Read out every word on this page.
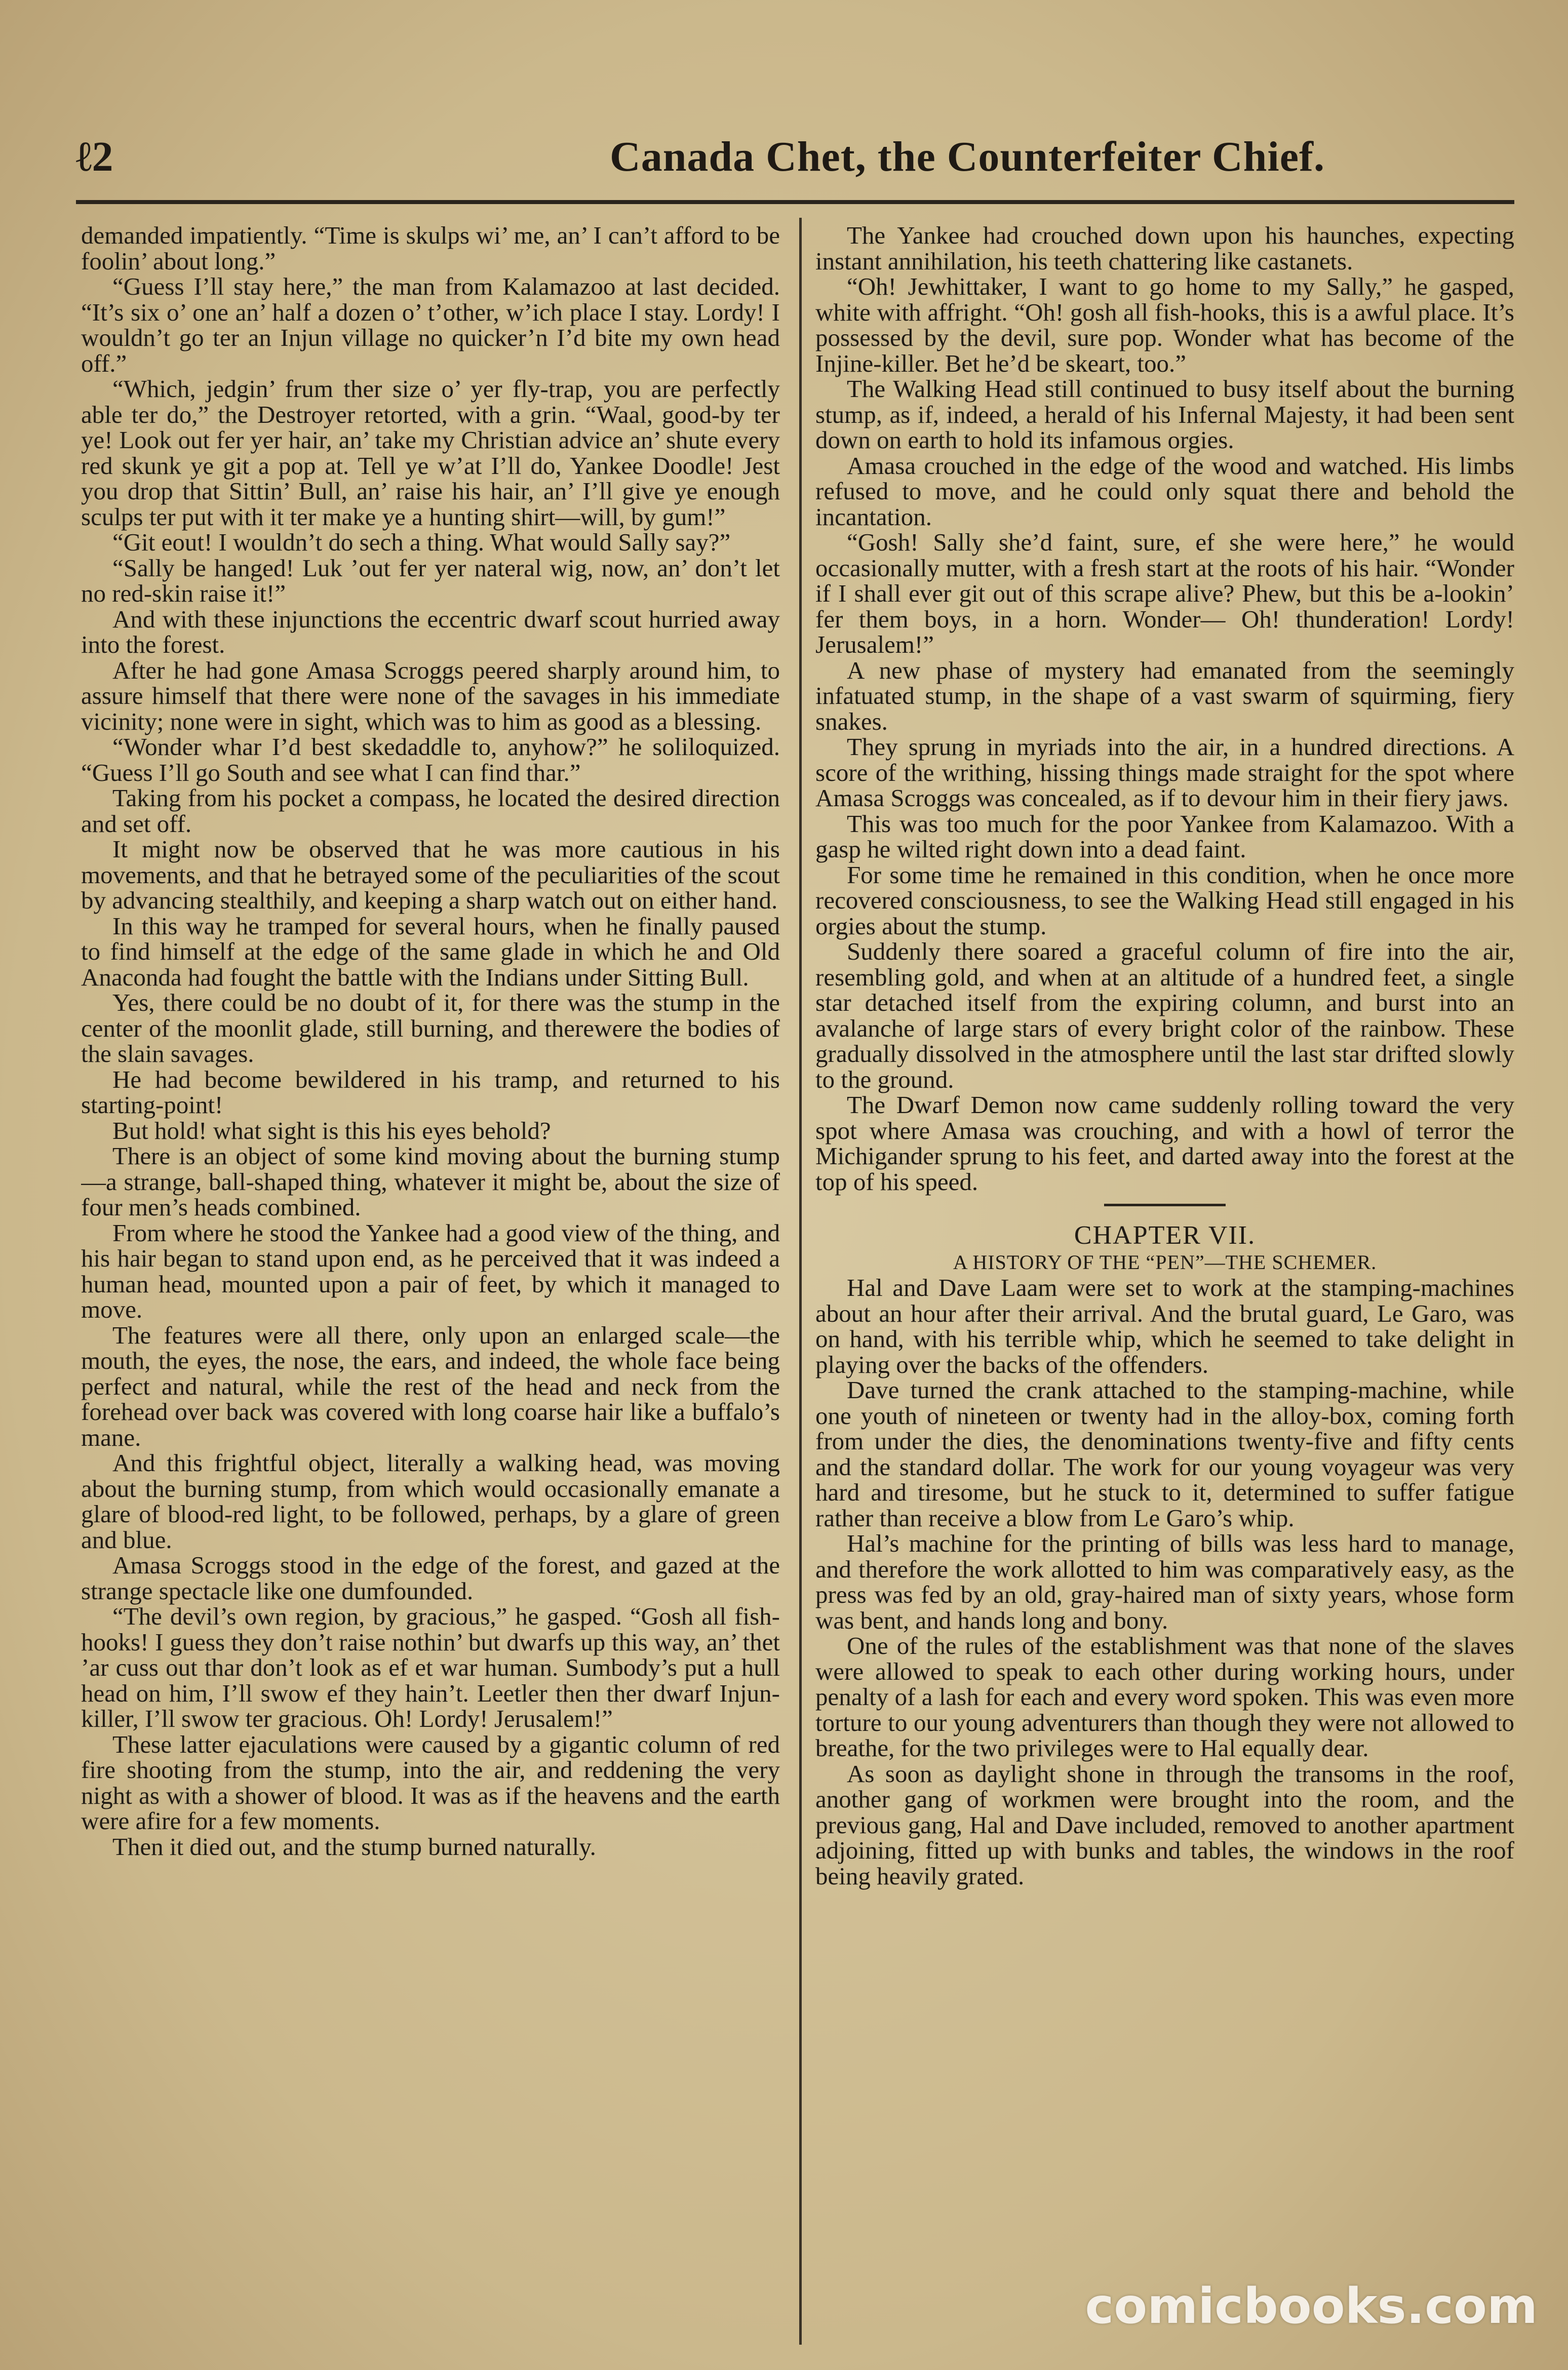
ℓ2	Canada Chet, the Counterfeiter Chief.

demanded impatiently. “Time is skulps wi’ me, an’ I can’t afford to be foolin’ about long.”

“Guess I’ll stay here,” the man from Kalamazoo at last decided. “It’s six o’ one an’ half a dozen o’ t’other, w’ich place I stay. Lordy! I wouldn’t go ter an Injun village no quicker’n I’d bite my own head off.”

“Which, jedgin’ frum ther size o’ yer fly-trap, you are perfectly able ter do,” the Destroyer retorted, with a grin. “Waal, good-by ter ye! Look out fer yer hair, an’ take my Christian advice an’ shute every red skunk ye git a pop at. Tell ye w’at I’ll do, Yankee Doodle! Jest you drop that Sittin’ Bull, an’ raise his hair, an’ I’ll give ye enough sculps ter put with it ter make ye a hunting shirt—will, by gum!”

“Git eout! I wouldn’t do sech a thing. What would Sally say?”

“Sally be hanged! Luk ’out fer yer nateral wig, now, an’ don’t let no red-skin raise it!”

And with these injunctions the eccentric dwarf scout hurried away into the forest.

After he had gone Amasa Scroggs peered sharply around him, to assure himself that there were none of the savages in his immediate vicinity; none were in sight, which was to him as good as a blessing.

“Wonder whar I’d best skedaddle to, anyhow?” he soliloquized. “Guess I’ll go South and see what I can find thar.”

Taking from his pocket a compass, he located the desired direction and set off.

It might now be observed that he was more cautious in his movements, and that he betrayed some of the peculiarities of the scout by advancing stealthily, and keeping a sharp watch out on either hand.

In this way he tramped for several hours, when he finally paused to find himself at the edge of the same glade in which he and Old Anaconda had fought the battle with the Indians under Sitting Bull.

Yes, there could be no doubt of it, for there was the stump in the center of the moonlit glade, still burning, and therewere the bodies of the slain savages.

He had become bewildered in his tramp, and returned to his starting-point!

But hold! what sight is this his eyes behold?

There is an object of some kind moving about the burning stump—a strange, ball-shaped thing, whatever it might be, about the size of four men’s heads combined.

From where he stood the Yankee had a good view of the thing, and his hair began to stand upon end, as he perceived that it was indeed a human head, mounted upon a pair of feet, by which it managed to move.

The features were all there, only upon an enlarged scale—the mouth, the eyes, the nose, the ears, and indeed, the whole face being perfect and natural, while the rest of the head and neck from the forehead over back was covered with long coarse hair like a buffalo’s mane.

And this frightful object, literally a walking head, was moving about the burning stump, from which would occasionally emanate a glare of blood-red light, to be followed, perhaps, by a glare of green and blue.

Amasa Scroggs stood in the edge of the forest, and gazed at the strange spectacle like one dumfounded.

“The devil’s own region, by gracious,” he gasped. “Gosh all fish-hooks! I guess they don’t raise nothin’ but dwarfs up this way, an’ thet ’ar cuss out thar don’t look as ef et war human. Sumbody’s put a hull head on him, I’ll swow ef they hain’t. Leetler then ther dwarf Injun-killer, I’ll swow ter gracious. Oh! Lordy! Jerusalem!”

These latter ejaculations were caused by a gigantic column of red fire shooting from the stump, into the air, and reddening the very night as with a shower of blood. It was as if the heavens and the earth were afire for a few moments.

Then it died out, and the stump burned naturally.

The Yankee had crouched down upon his haunches, expecting instant annihilation, his teeth chattering like castanets.

“Oh! Jewhittaker, I want to go home to my Sally,” he gasped, white with affright. “Oh! gosh all fish-hooks, this is a awful place. It’s possessed by the devil, sure pop. Wonder what has become of the Injine-killer. Bet he’d be skeart, too.”

The Walking Head still continued to busy itself about the burning stump, as if, indeed, a herald of his Infernal Majesty, it had been sent down on earth to hold its infamous orgies.

Amasa crouched in the edge of the wood and watched. His limbs refused to move, and he could only squat there and behold the incantation.

“Gosh! Sally she’d faint, sure, ef she were here,” he would occasionally mutter, with a fresh start at the roots of his hair. “Wonder if I shall ever git out of this scrape alive? Phew, but this be a-lookin’ fer them boys, in a horn. Wonder— Oh! thunderation! Lordy! Jerusalem!”

A new phase of mystery had emanated from the seemingly infatuated stump, in the shape of a vast swarm of squirming, fiery snakes.

They sprung in myriads into the air, in a hundred directions. A score of the writhing, hissing things made straight for the spot where Amasa Scroggs was concealed, as if to devour him in their fiery jaws.

This was too much for the poor Yankee from Kalamazoo. With a gasp he wilted right down into a dead faint.

For some time he remained in this condition, when he once more recovered consciousness, to see the Walking Head still engaged in his orgies about the stump.

Suddenly there soared a graceful column of fire into the air, resembling gold, and when at an altitude of a hundred feet, a single star detached itself from the expiring column, and burst into an avalanche of large stars of every bright color of the rainbow. These gradually dissolved in the atmosphere until the last star drifted slowly to the ground.

The Dwarf Demon now came suddenly rolling toward the very spot where Amasa was crouching, and with a howl of terror the Michigander sprung to his feet, and darted away into the forest at the top of his speed.

CHAPTER VII.

A HISTORY OF THE “PEN”—THE SCHEMER.

Hal and Dave Laam were set to work at the stamping-machines about an hour after their arrival. And the brutal guard, Le Garo, was on hand, with his terrible whip, which he seemed to take delight in playing over the backs of the offenders.

Dave turned the crank attached to the stamping-machine, while one youth of nineteen or twenty had in the alloy-box, coming forth from under the dies, the denominations twenty-five and fifty cents and the standard dollar. The work for our young voyageur was very hard and tiresome, but he stuck to it, determined to suffer fatigue rather than receive a blow from Le Garo’s whip.

Hal’s machine for the printing of bills was less hard to manage, and therefore the work allotted to him was comparatively easy, as the press was fed by an old, gray-haired man of sixty years, whose form was bent, and hands long and bony.

One of the rules of the establishment was that none of the slaves were allowed to speak to each other during working hours, under penalty of a lash for each and every word spoken. This was even more torture to our young adventurers than though they were not allowed to breathe, for the two privileges were to Hal equally dear.

As soon as daylight shone in through the transoms in the roof, another gang of workmen were brought into the room, and the previous gang, Hal and Dave included, removed to another apartment adjoining, fitted up with bunks and tables, the windows in the roof being heavily grated.

comicbooks.com
